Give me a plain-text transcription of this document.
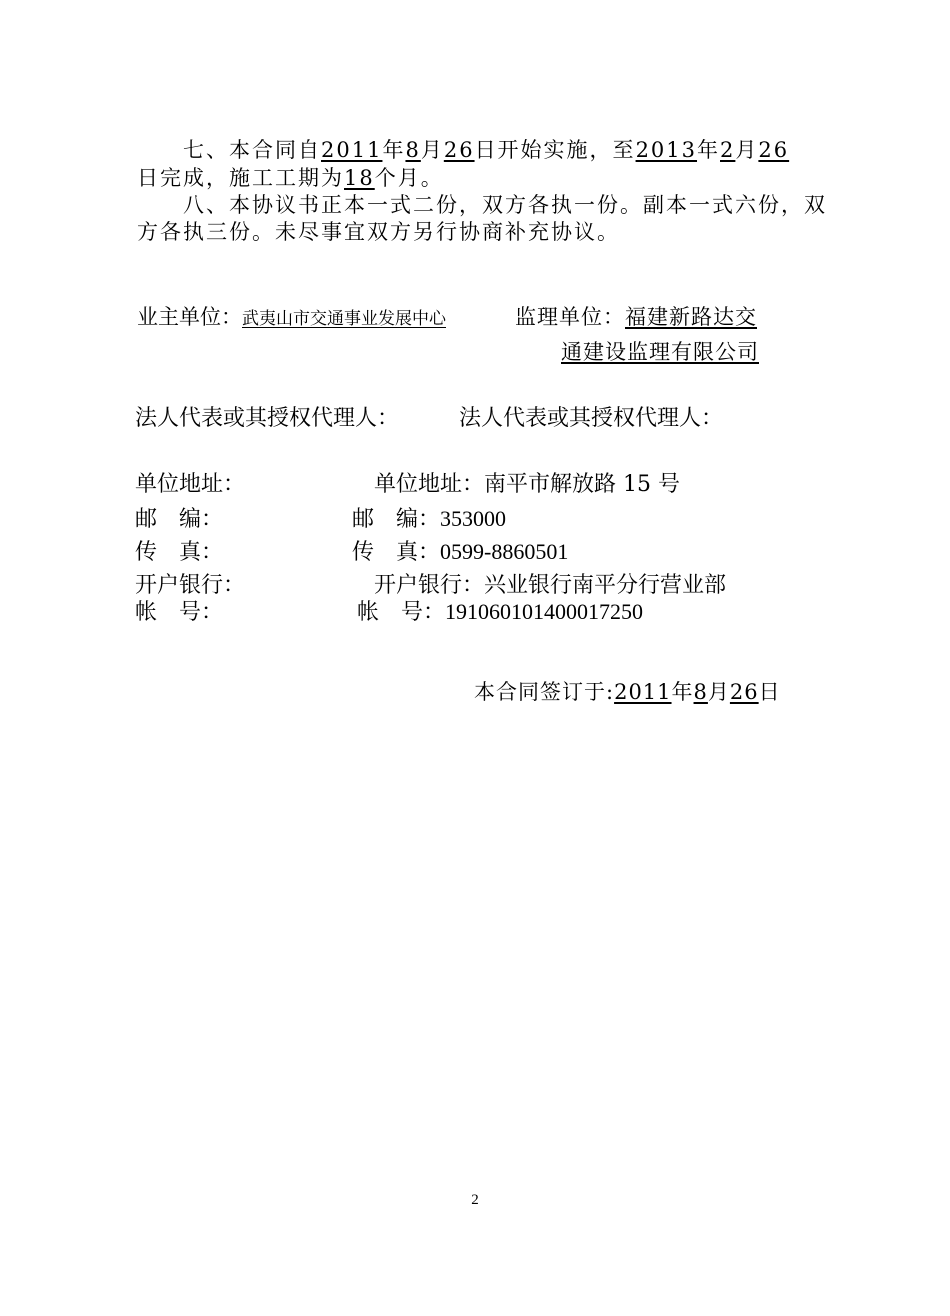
七、本合同自2011年8月26日开始实施，至2013年2月26
日完成，施工工期为18个月。
八、本协议书正本一式二份，双方各执一份。副本一式六份，双
方各执三份。未尽事宜双方另行协商补充协议。
业主单位：武夷山市交通事业发展中心	监理单位：福建新路达交
通建设监理有限公司
法人代表或其授权代理人：	法人代表或其授权代理人：
单位地址：	单位地址：南平市解放路 15 号
邮　编：	邮　编：353000
传　真：	传　真：0599-8860501
开户银行：	开户银行：兴业银行南平分行营业部
帐　号：	帐　号：191060101400017250
本合同签订于:2011年8月26日
2
